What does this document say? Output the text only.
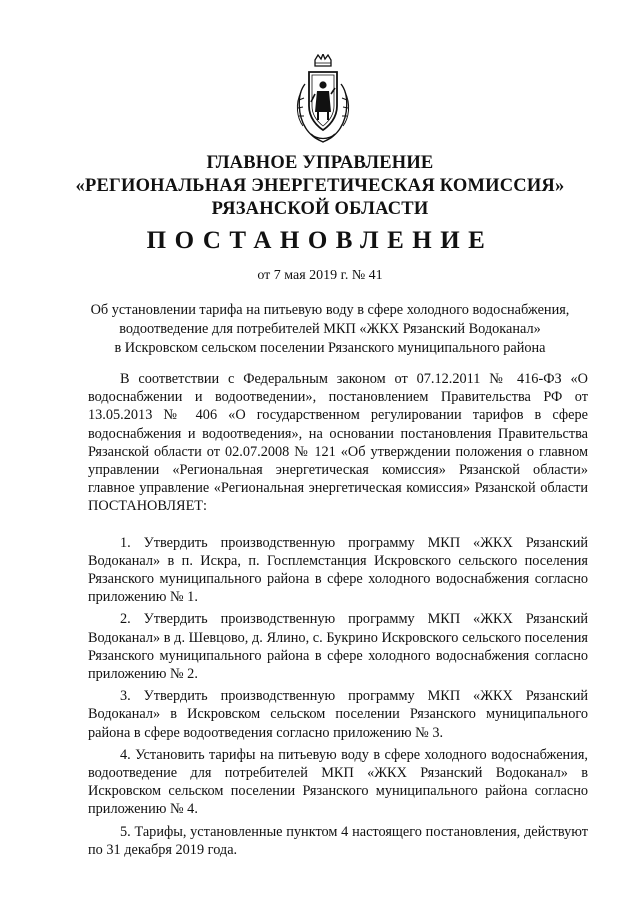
ГЛАВНОЕ УПРАВЛЕНИЕ
«РЕГИОНАЛЬНАЯ ЭНЕРГЕТИЧЕСКАЯ КОМИССИЯ»
РЯЗАНСКОЙ ОБЛАСТИ
ПОСТАНОВЛЕНИЕ
от 7 мая 2019 г. № 41
Об установлении тарифа на питьевую воду в сфере холодного водоснабжения,
водоотведение для потребителей МКП «ЖКХ Рязанский Водоканал»
в Искровском сельском поселении Рязанского муниципального района

В соответствии с Федеральным законом от 07.12.2011 № 416-ФЗ «О водоснабжении и водоотведении», постановлением Правительства РФ от 13.05.2013 № 406 «О государственном регулировании тарифов в сфере водоснабжения и водоотведения», на основании постановления Правительства Рязанской области от 02.07.2008 № 121 «Об утверждении положения о главном управлении «Региональная энергетическая комиссия» Рязанской области» главное управление «Региональная энергетическая комиссия» Рязанской области ПОСТАНОВЛЯЕТ:

1. Утвердить производственную программу МКП «ЖКХ Рязанский Водоканал» в п. Искра, п. Госплемстанция Искровского сельского поселения Рязанского муниципального района в сфере холодного водоснабжения согласно приложению № 1.

2. Утвердить производственную программу МКП «ЖКХ Рязанский Водоканал» в д. Шевцово, д. Ялино, с. Букрино Искровского сельского поселения Рязанского муниципального района в сфере холодного водоснабжения согласно приложению № 2.

3. Утвердить производственную программу МКП «ЖКХ Рязанский Водоканал» в Искровском сельском поселении Рязанского муниципального района в сфере водоотведения согласно приложению № 3.

4. Установить тарифы на питьевую воду в сфере холодного водоснабжения, водоотведение для потребителей МКП «ЖКХ Рязанский Водоканал» в Искровском сельском поселении Рязанского муниципального района согласно приложению № 4.

5. Тарифы, установленные пунктом 4 настоящего постановления, действуют по 31 декабря 2019 года.
